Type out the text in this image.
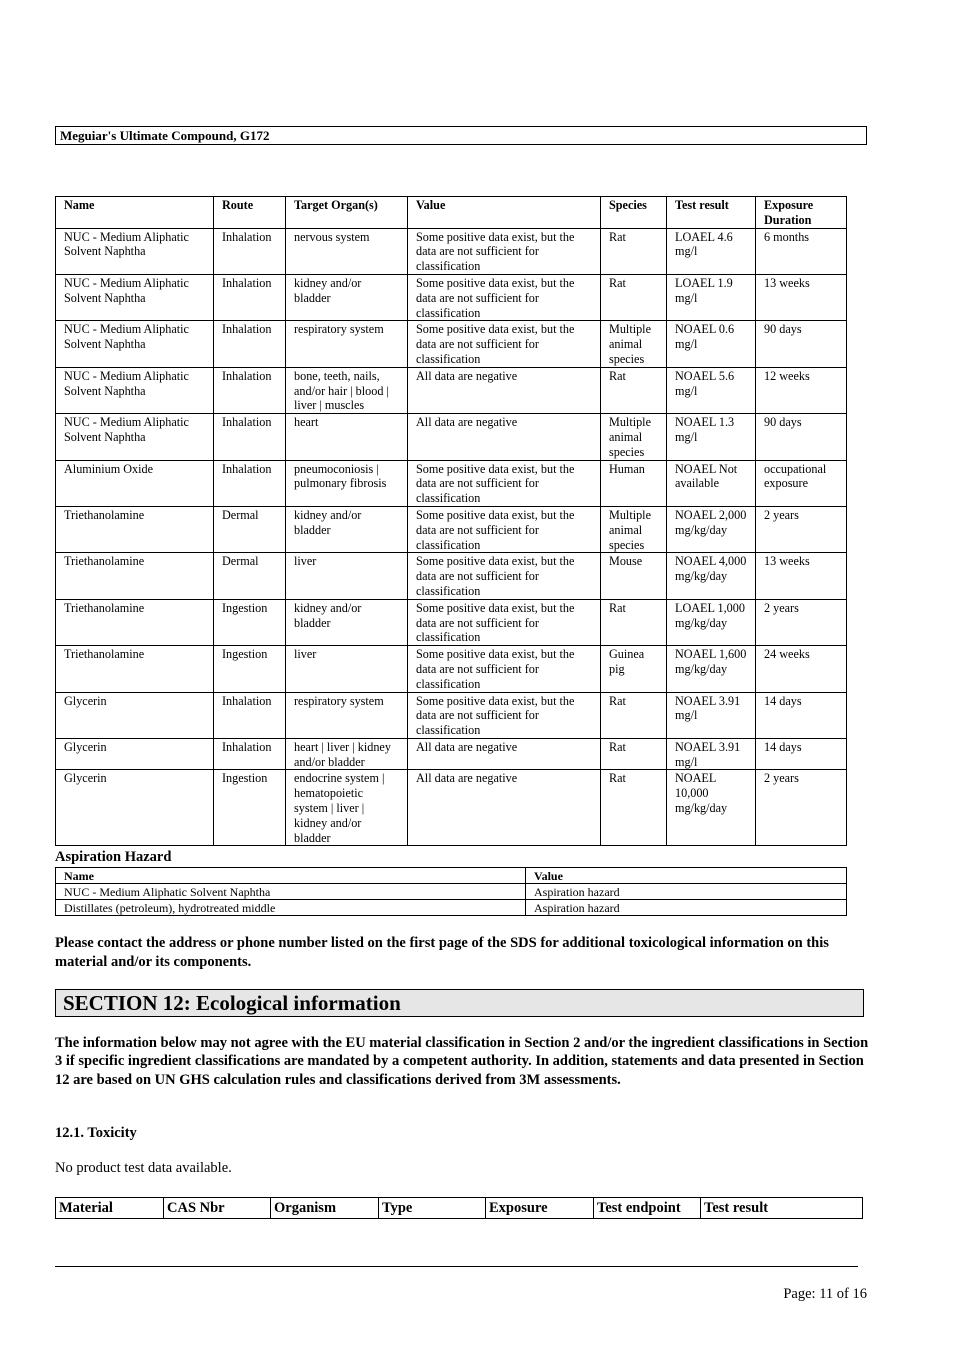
Meguiar's Ultimate Compound, G172
Name	Route	Target Organ(s)	Value	Species	Test result	Exposure Duration
NUC - Medium Aliphatic Solvent Naphtha	Inhalation	nervous system	Some positive data exist, but the data are not sufficient for classification	Rat	LOAEL 4.6 mg/l	6 months
NUC - Medium Aliphatic Solvent Naphtha	Inhalation	kidney and/or bladder	Some positive data exist, but the data are not sufficient for classification	Rat	LOAEL 1.9 mg/l	13 weeks
NUC - Medium Aliphatic Solvent Naphtha	Inhalation	respiratory system	Some positive data exist, but the data are not sufficient for classification	Multiple animal species	NOAEL 0.6 mg/l	90 days
NUC - Medium Aliphatic Solvent Naphtha	Inhalation	bone, teeth, nails, and/or hair | blood | liver | muscles	All data are negative	Rat	NOAEL 5.6 mg/l	12 weeks
NUC - Medium Aliphatic Solvent Naphtha	Inhalation	heart	All data are negative	Multiple animal species	NOAEL 1.3 mg/l	90 days
Aluminium Oxide	Inhalation	pneumoconiosis | pulmonary fibrosis	Some positive data exist, but the data are not sufficient for classification	Human	NOAEL Not available	occupational exposure
Triethanolamine	Dermal	kidney and/or bladder	Some positive data exist, but the data are not sufficient for classification	Multiple animal species	NOAEL 2,000 mg/kg/day	2 years
Triethanolamine	Dermal	liver	Some positive data exist, but the data are not sufficient for classification	Mouse	NOAEL 4,000 mg/kg/day	13 weeks
Triethanolamine	Ingestion	kidney and/or bladder	Some positive data exist, but the data are not sufficient for classification	Rat	LOAEL 1,000 mg/kg/day	2 years
Triethanolamine	Ingestion	liver	Some positive data exist, but the data are not sufficient for classification	Guinea pig	NOAEL 1,600 mg/kg/day	24 weeks
Glycerin	Inhalation	respiratory system	Some positive data exist, but the data are not sufficient for classification	Rat	NOAEL 3.91 mg/l	14 days
Glycerin	Inhalation	heart | liver | kidney and/or bladder	All data are negative	Rat	NOAEL 3.91 mg/l	14 days
Glycerin	Ingestion	endocrine system | hematopoietic system | liver | kidney and/or bladder	All data are negative	Rat	NOAEL 10,000 mg/kg/day	2 years
Aspiration Hazard
Name	Value
NUC - Medium Aliphatic Solvent Naphtha	Aspiration hazard
Distillates (petroleum), hydrotreated middle	Aspiration hazard
Please contact the address or phone number listed on the first page of the SDS for additional toxicological information on this material and/or its components.
SECTION 12: Ecological information
The information below may not agree with the EU material classification in Section 2 and/or the ingredient classifications in Section 3 if specific ingredient classifications are mandated by a competent authority. In addition, statements and data presented in Section 12 are based on UN GHS calculation rules and classifications derived from 3M assessments.
12.1. Toxicity
No product test data available.
Material	CAS Nbr	Organism	Type	Exposure	Test endpoint	Test result
Page: 11 of 16
